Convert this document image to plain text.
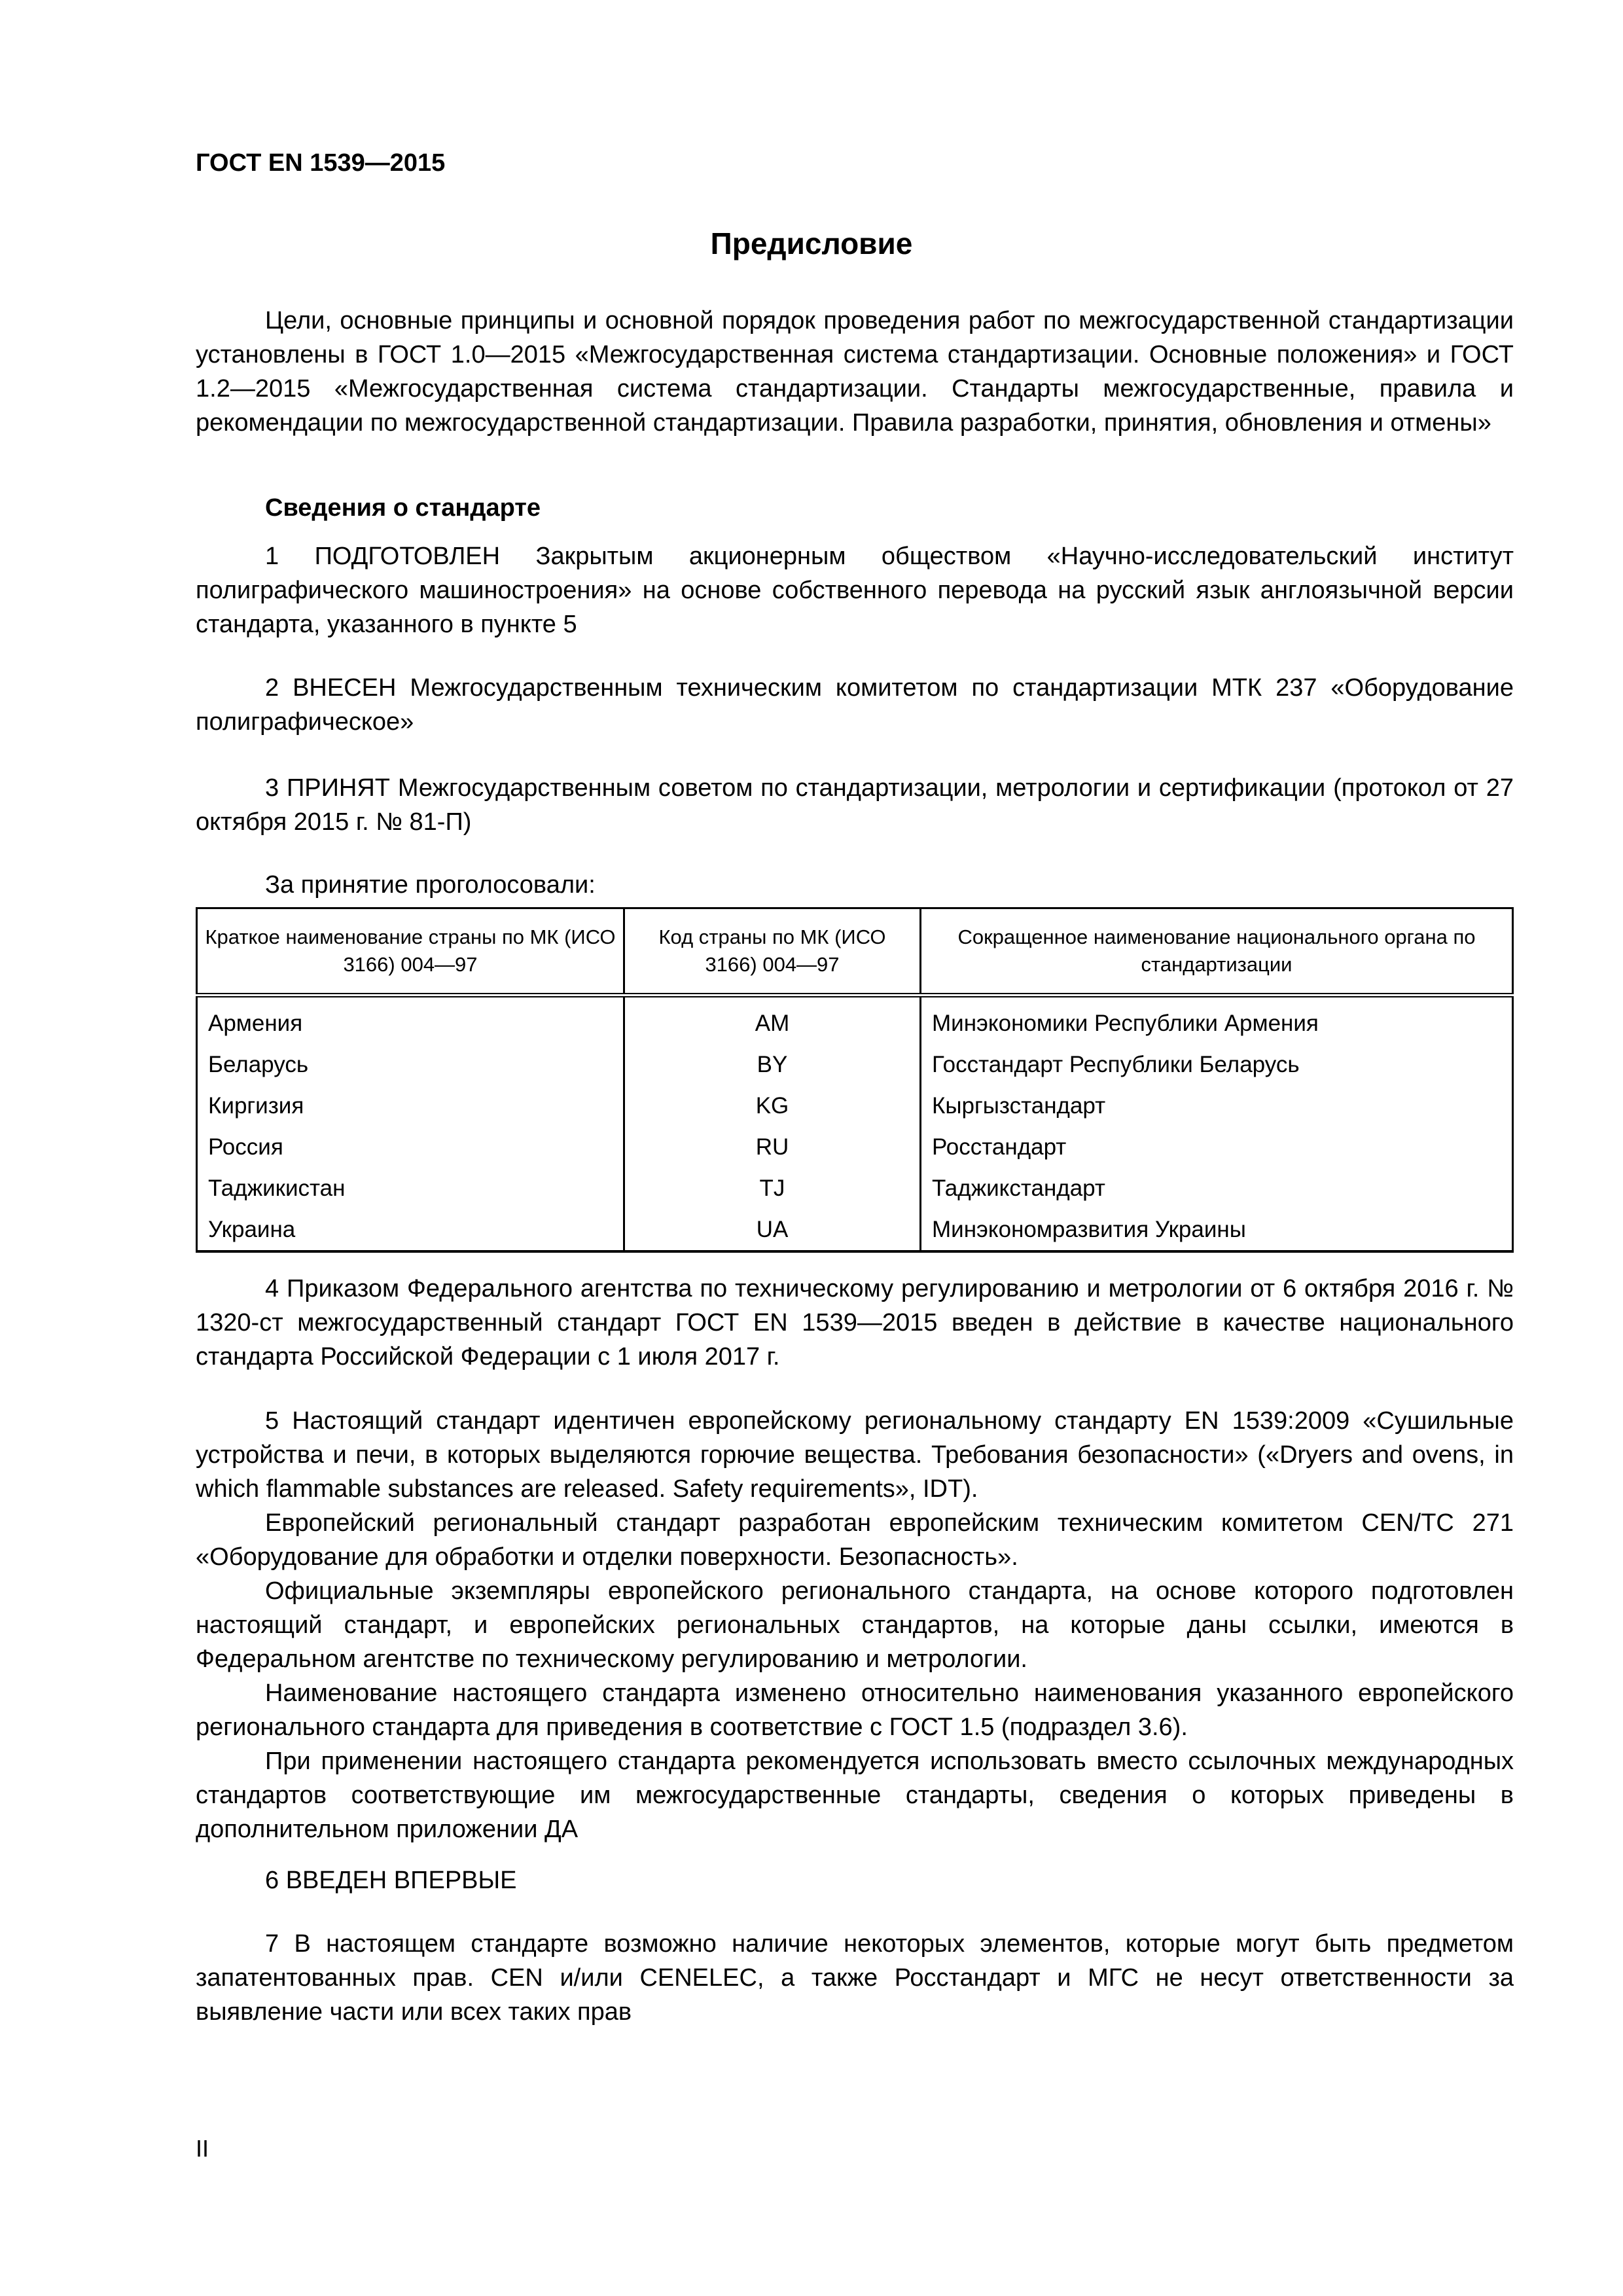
ГОСТ EN 1539—2015
Предисловие

Цели, основные принципы и основной порядок проведения работ по межгосударственной стандартизации установлены в ГОСТ 1.0—2015 «Межгосударственная система стандартизации. Основные положения» и ГОСТ 1.2—2015 «Межгосударственная система стандартизации. Стандарты межгосударственные, правила и рекомендации по межгосударственной стандартизации. Правила разработки, принятия, обновления и отмены»

Сведения о стандарте

1 ПОДГОТОВЛЕН Закрытым акционерным обществом «Научно-исследовательский институт полиграфического машиностроения» на основе собственного перевода на русский язык англоязычной версии стандарта, указанного в пункте 5

2 ВНЕСЕН Межгосударственным техническим комитетом по стандартизации МТК 237 «Оборудование полиграфическое»

3 ПРИНЯТ Межгосударственным советом по стандартизации, метрологии и сертификации (протокол от 27 октября 2015 г. № 81-П)

За принятие проголосовали:

Краткое наименование страны по МК (ИСО 3166) 004—97	Код страны по МК (ИСО 3166) 004—97	Сокращенное наименование национального органа по стандартизации
Армения	AM	Минэкономики Республики Армения
Беларусь	BY	Госстандарт Республики Беларусь
Киргизия	KG	Кыргызстандарт
Россия	RU	Росстандарт
Таджикистан	TJ	Таджикстандарт
Украина	UA	Минэкономразвития Украины

4 Приказом Федерального агентства по техническому регулированию и метрологии от 6 октября 2016 г. № 1320-ст межгосударственный стандарт ГОСТ EN 1539—2015 введен в действие в качестве национального стандарта Российской Федерации с 1 июля 2017 г.

5 Настоящий стандарт идентичен европейскому региональному стандарту EN 1539:2009 «Сушильные устройства и печи, в которых выделяются горючие вещества. Требования безопасности» («Dryers and ovens, in which flammable substances are released. Safety requirements», IDT).

Европейский региональный стандарт разработан европейским техническим комитетом CEN/TC 271 «Оборудование для обработки и отделки поверхности. Безопасность».

Официальные экземпляры европейского регионального стандарта, на основе которого подготовлен настоящий стандарт, и европейских региональных стандартов, на которые даны ссылки, имеются в Федеральном агентстве по техническому регулированию и метрологии.

Наименование настоящего стандарта изменено относительно наименования указанного европейского регионального стандарта для приведения в соответствие с ГОСТ 1.5 (подраздел 3.6).

При применении настоящего стандарта рекомендуется использовать вместо ссылочных международных стандартов соответствующие им межгосударственные стандарты, сведения о которых приведены в дополнительном приложении ДА

6 ВВЕДЕН ВПЕРВЫЕ

7 В настоящем стандарте возможно наличие некоторых элементов, которые могут быть предметом запатентованных прав. CEN и/или CENELEC, а также Росстандарт и МГС не несут ответственности за выявление части или всех таких прав

II
